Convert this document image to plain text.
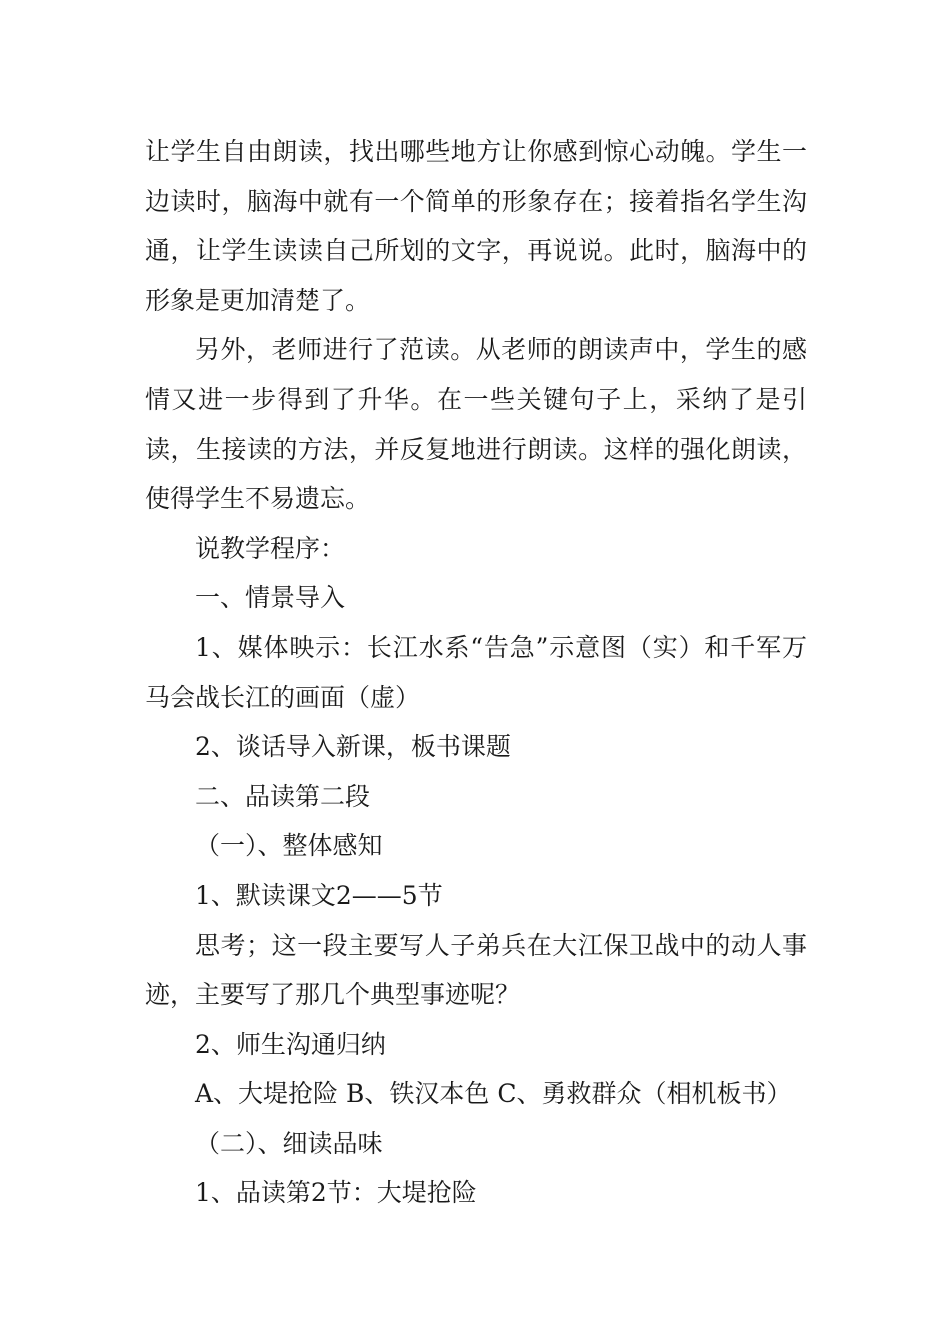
让学生自由朗读，找出哪些地方让你感到惊心动魄。学生一边读时，脑海中就有一个简单的形象存在；接着指名学生沟通，让学生读读自己所划的文字，再说说。此时，脑海中的形象是更加清楚了。

另外，老师进行了范读。从老师的朗读声中，学生的感情又进一步得到了升华。在一些关键句子上，采纳了是引读，生接读的方法，并反复地进行朗读。这样的强化朗读，使得学生不易遗忘。

说教学程序：

一、情景导入

1、媒体映示：长江水系“告急”示意图（实）和千军万马会战长江的画面（虚）

2、谈话导入新课，板书课题

二、品读第二段

（一）、整体感知

1、默读课文2——5节

思考；这一段主要写人子弟兵在大江保卫战中的动人事迹，主要写了那几个典型事迹呢？

2、师生沟通归纳

A、大堤抢险 B、铁汉本色 C、勇救群众（相机板书）

（二）、细读品味

1、品读第2节：大堤抢险
